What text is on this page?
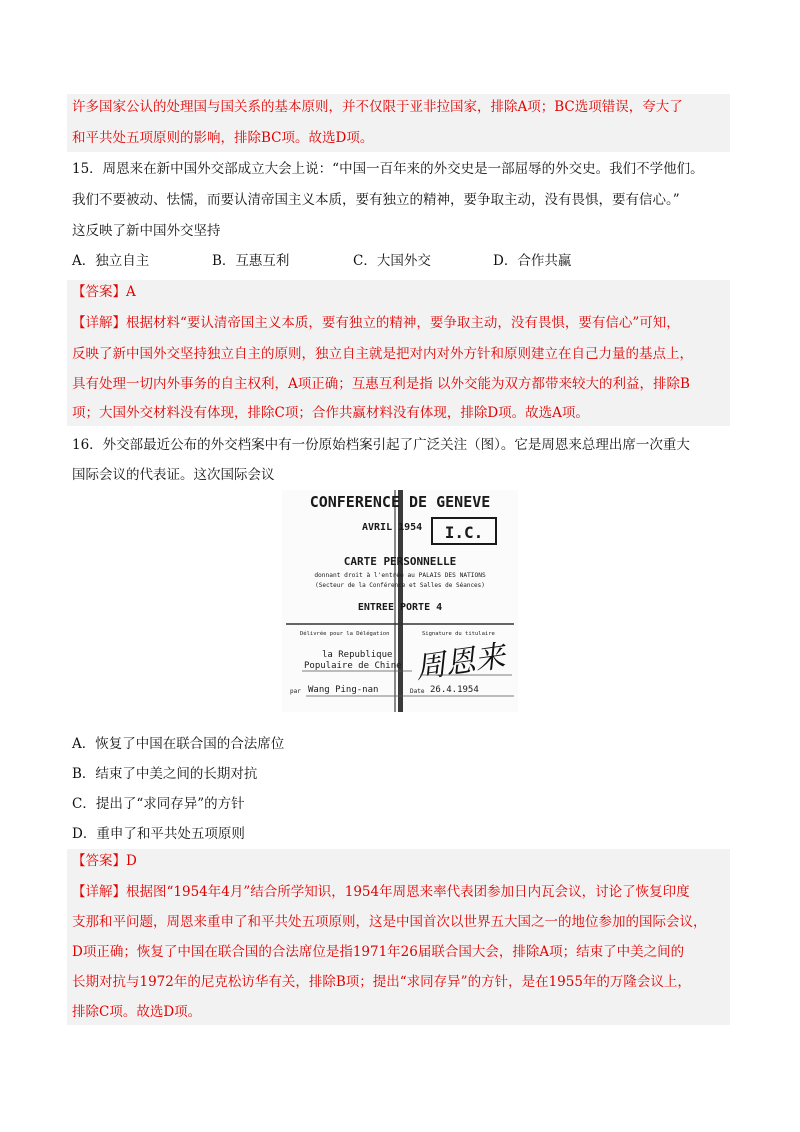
许多国家公认的处理国与国关系的基本原则，并不仅限于亚非拉国家，排除A项；BC选项错误，夸大了
和平共处五项原则的影响，排除BC项。故选D项。
15．周恩来在新中国外交部成立大会上说：“中国一百年来的外交史是一部屈辱的外交史。我们不学他们。
我们不要被动、怯懦，而要认清帝国主义本质，要有独立的精神，要争取主动，没有畏惧，要有信心。”
这反映了新中国外交坚持
A．独立自主	B．互惠互利	C．大国外交	D．合作共赢
【答案】A
【详解】根据材料“要认清帝国主义本质，要有独立的精神，要争取主动，没有畏惧，要有信心”可知，
反映了新中国外交坚持独立自主的原则，独立自主就是把对内对外方针和原则建立在自己力量的基点上，
具有处理一切内外事务的自主权利，A项正确；互惠互利是指 以外交能为双方都带来较大的利益，排除B
项；大国外交材料没有体现，排除C项；合作共赢材料没有体现，排除D项。故选A项。
16．外交部最近公布的外交档案中有一份原始档案引起了广泛关注（图）。它是周恩来总理出席一次重大
国际会议的代表证。这次国际会议
CONFERENCE DE GENEVE
AVRIL 1954 I.C.
CARTE PERSONNELLE
donnant droit à l'entrée au PALAIS DES NATIONS
(Secteur de la Conférence et Salles de Séances)
ENTREE PORTE 4
Délivrée pour la Délégation	Signature du titulaire
la Republique
Populaire de Chine 周恩来
par Wang Ping-nan	Date 26.4.1954
A．恢复了中国在联合国的合法席位
B．结束了中美之间的长期对抗
C．提出了“求同存异”的方针
D．重申了和平共处五项原则
【答案】D
【详解】根据图“1954年4月”结合所学知识，1954年周恩来率代表团参加日内瓦会议，讨论了恢复印度
支那和平问题，周恩来重申了和平共处五项原则，这是中国首次以世界五大国之一的地位参加的国际会议，
D项正确；恢复了中国在联合国的合法席位是指1971年26届联合国大会，排除A项；结束了中美之间的
长期对抗与1972年的尼克松访华有关，排除B项；提出“求同存异”的方针，是在1955年的万隆会议上，
排除C项。故选D项。
